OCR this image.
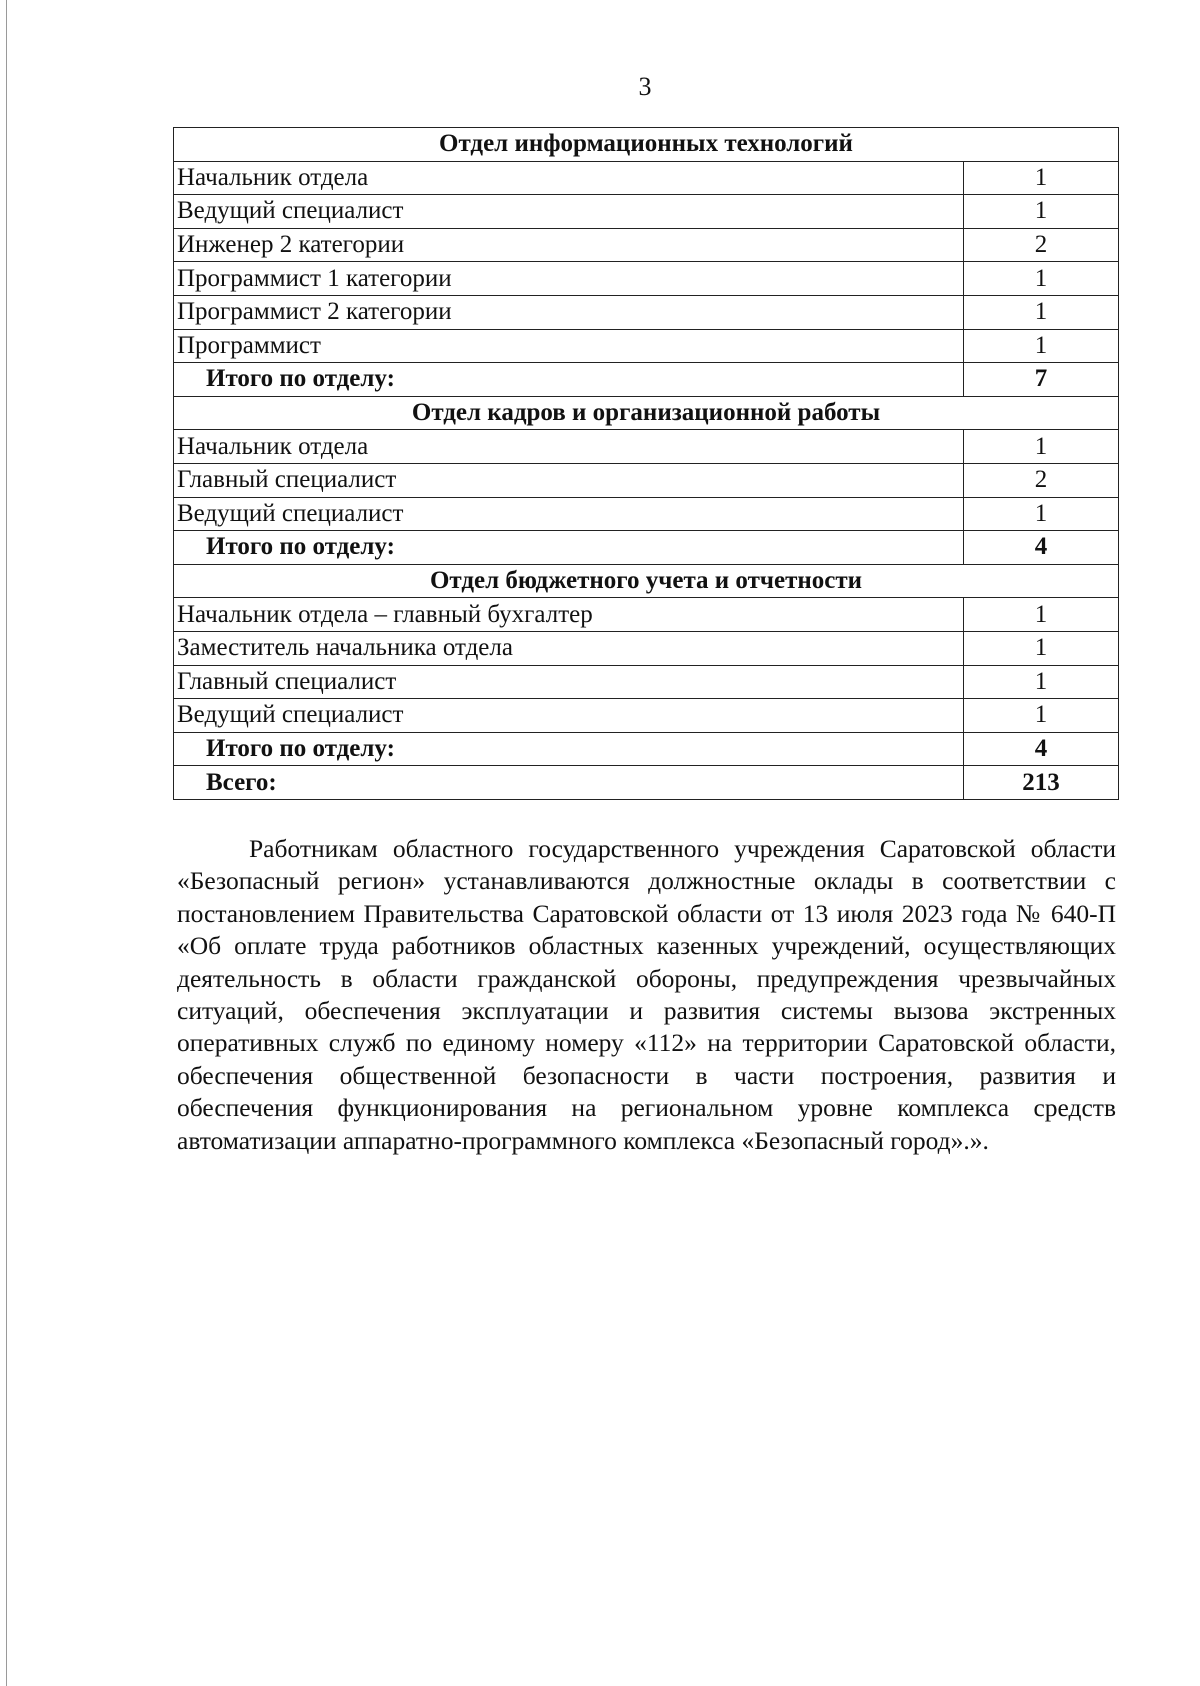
3
Отдел информационных технологий	
Начальник отдела	1
Ведущий специалист	1
Инженер 2 категории	2
Программист 1 категории	1
Программист 2 категории	1
Программист	1
Итого по отделу:	7
Отдел кадров и организационной работы	
Начальник отдела	1
Главный специалист	2
Ведущий специалист	1
Итого по отделу:	4
Отдел бюджетного учета и отчетности	
Начальник отдела – главный бухгалтер	1
Заместитель начальника отдела	1
Главный специалист	1
Ведущий специалист	1
Итого по отделу:	4
Всего:	213

Работникам областного государственного учреждения Саратовской области «Безопасный регион» устанавливаются должностные оклады в соответствии с постановлением Правительства Саратовской области от 13 июля 2023 года № 640-П «Об оплате труда работников областных казенных учреждений, осуществляющих деятельность в области гражданской обороны, предупреждения чрезвычайных ситуаций, обеспечения эксплуатации и развития системы вызова экстренных оперативных служб по единому номеру «112» на территории Саратовской области, обеспечения общественной безопасности в части построения, развития и обеспечения функционирования на региональном уровне комплекса средств автоматизации аппаратно-программного комплекса «Безопасный город».».
